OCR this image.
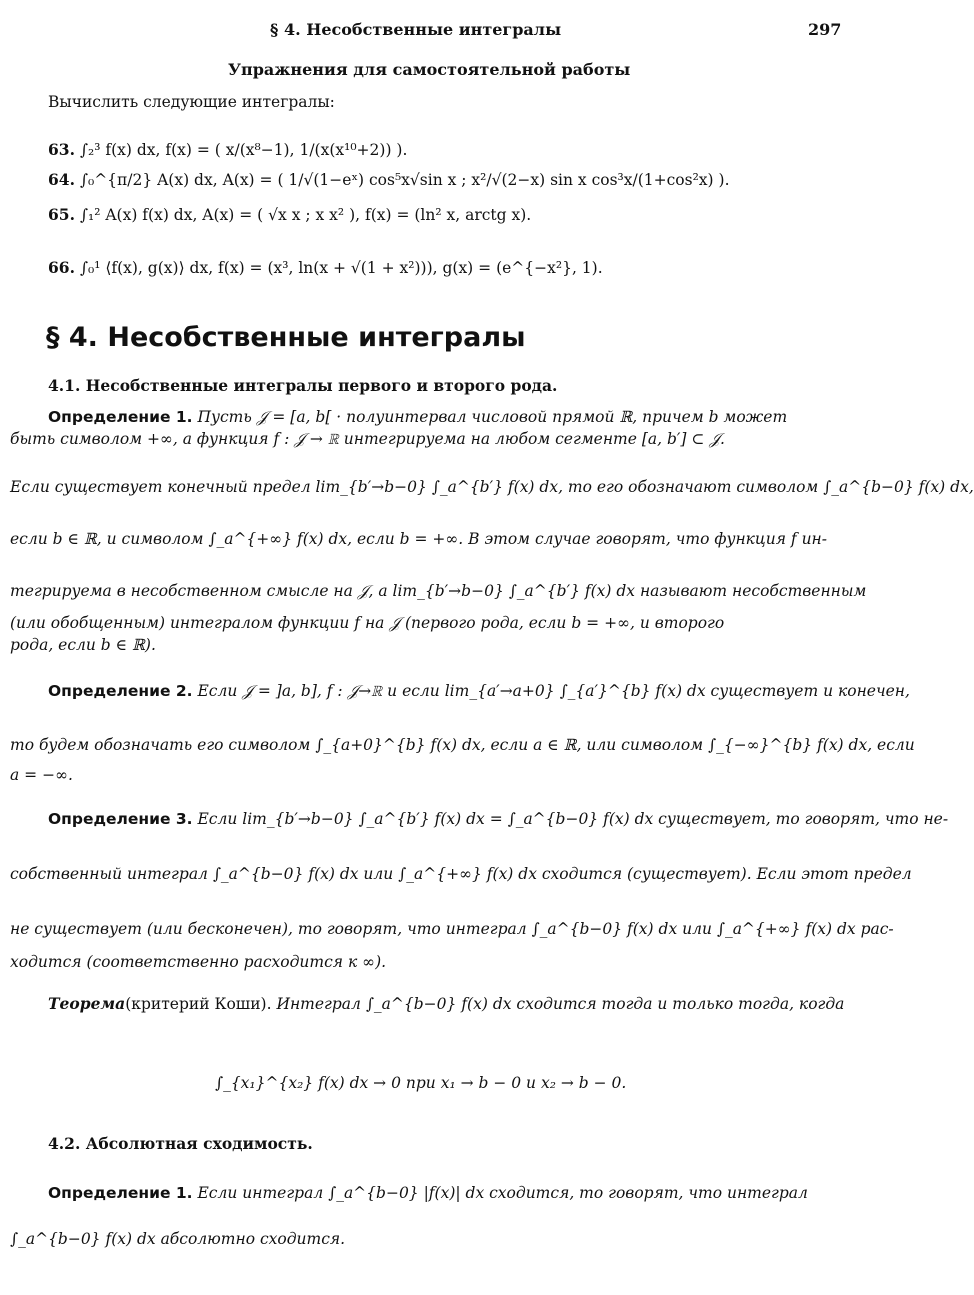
§ 4. Несобственные интегралы	297
Упражнения для самостоятельной работы
Вычислить следующие интегралы:
63. ∫₂³ f(x) dx, f(x) = ( x/(x⁸−1), 1/(x(x¹⁰+2)) ).
64. ∫₀^{π/2} A(x) dx, A(x) = ( 1/√(1−eˣ) cos⁵x√sin x ; x²/√(2−x) sin x cos³x/(1+cos²x) ).
65. ∫₁² A(x) f(x) dx, A(x) = ( √x x ; x x² ), f(x) = (ln² x, arctg x).
66. ∫₀¹ ⟨f(x), g(x)⟩ dx, f(x) = (x³, ln(x + √(1 + x²))), g(x) = (e^{−x²}, 1).
§ 4. Несобственные интегралы
4.1. Несобственные интегралы первого и второго рода.
Определение 1. Пусть 𝒥 = [a, b[ · полуинтервал числовой прямой ℝ, причем b может
быть символом +∞, а функция f : 𝒥 → ℝ интегрируема на любом сегменте [a, b′] ⊂ 𝒥.
Если существует конечный предел lim_{b′→b−0} ∫_a^{b′} f(x) dx, то его обозначают символом ∫_a^{b−0} f(x) dx,
если b ∈ ℝ, и символом ∫_a^{+∞} f(x) dx, если b = +∞. В этом случае говорят, что функция f ин-
тегрируема в несобственном смысле на 𝒥, а lim_{b′→b−0} ∫_a^{b′} f(x) dx называют несобственным
(или обобщенным) интегралом функции f на 𝒥 (первого рода, если b = +∞, и второго
рода, если b ∈ ℝ).
Определение 2. Если 𝒥 = ]a, b], f : 𝒥→ℝ и если lim_{a′→a+0} ∫_{a′}^{b} f(x) dx существует и конечен,
то будем обозначать его символом ∫_{a+0}^{b} f(x) dx, если a ∈ ℝ, или символом ∫_{−∞}^{b} f(x) dx, если
a = −∞.
Определение 3. Если lim_{b′→b−0} ∫_a^{b′} f(x) dx = ∫_a^{b−0} f(x) dx существует, то говорят, что не-
собственный интеграл ∫_a^{b−0} f(x) dx или ∫_a^{+∞} f(x) dx сходится (существует). Если этот предел
не существует (или бесконечен), то говорят, что интеграл ∫_a^{b−0} f(x) dx или ∫_a^{+∞} f(x) dx рас-
ходится (соответственно расходится к ∞).
Теорема(критерий Коши). Интеграл ∫_a^{b−0} f(x) dx сходится тогда и только тогда, когда
∫_{x₁}^{x₂} f(x) dx → 0 при x₁ → b − 0 и x₂ → b − 0.
4.2. Абсолютная сходимость.
Определение 1. Если интеграл ∫_a^{b−0} |f(x)| dx сходится, то говорят, что интеграл
∫_a^{b−0} f(x) dx абсолютно сходится.
